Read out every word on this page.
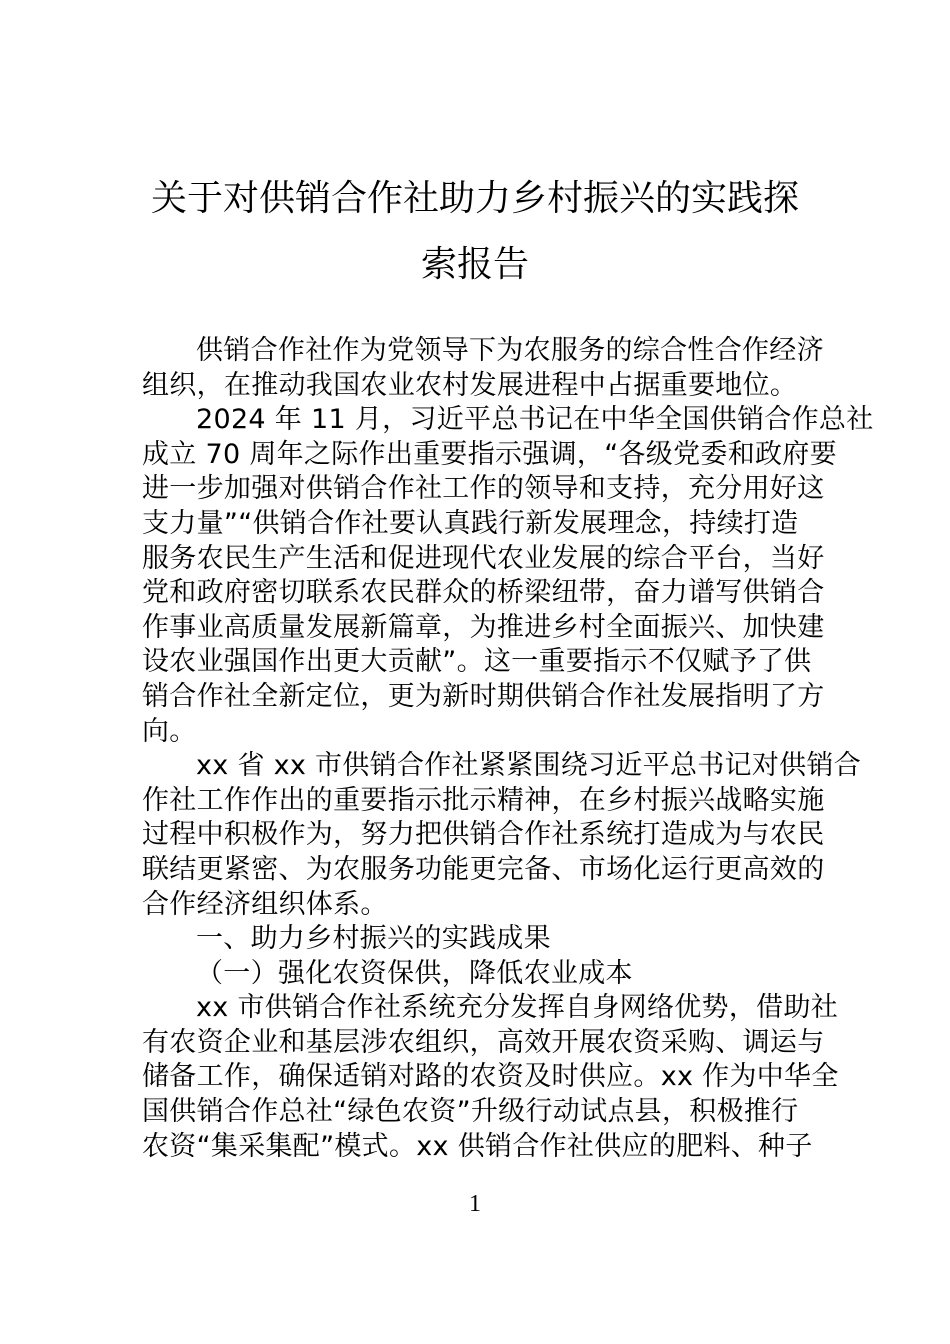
关于对供销合作社助力乡村振兴的实践探
索报告
供销合作社作为党领导下为农服务的综合性合作经济
组织，在推动我国农业农村发展进程中占据重要地位。
2024 年 11 月，习近平总书记在中华全国供销合作总社
成立 70 周年之际作出重要指示强调，“各级党委和政府要
进一步加强对供销合作社工作的领导和支持，充分用好这
支力量”“供销合作社要认真践行新发展理念，持续打造
服务农民生产生活和促进现代农业发展的综合平台，当好
党和政府密切联系农民群众的桥梁纽带，奋力谱写供销合
作事业高质量发展新篇章，为推进乡村全面振兴、加快建
设农业强国作出更大贡献”。这一重要指示不仅赋予了供
销合作社全新定位，更为新时期供销合作社发展指明了方
向。
xx 省 xx 市供销合作社紧紧围绕习近平总书记对供销合
作社工作作出的重要指示批示精神，在乡村振兴战略实施
过程中积极作为，努力把供销合作社系统打造成为与农民
联结更紧密、为农服务功能更完备、市场化运行更高效的
合作经济组织体系。
一、助力乡村振兴的实践成果
（一）强化农资保供，降低农业成本
xx 市供销合作社系统充分发挥自身网络优势，借助社
有农资企业和基层涉农组织，高效开展农资采购、调运与
储备工作，确保适销对路的农资及时供应。xx 作为中华全
国供销合作总社“绿色农资”升级行动试点县，积极推行
农资“集采集配”模式。xx 供销合作社供应的肥料、种子
1
